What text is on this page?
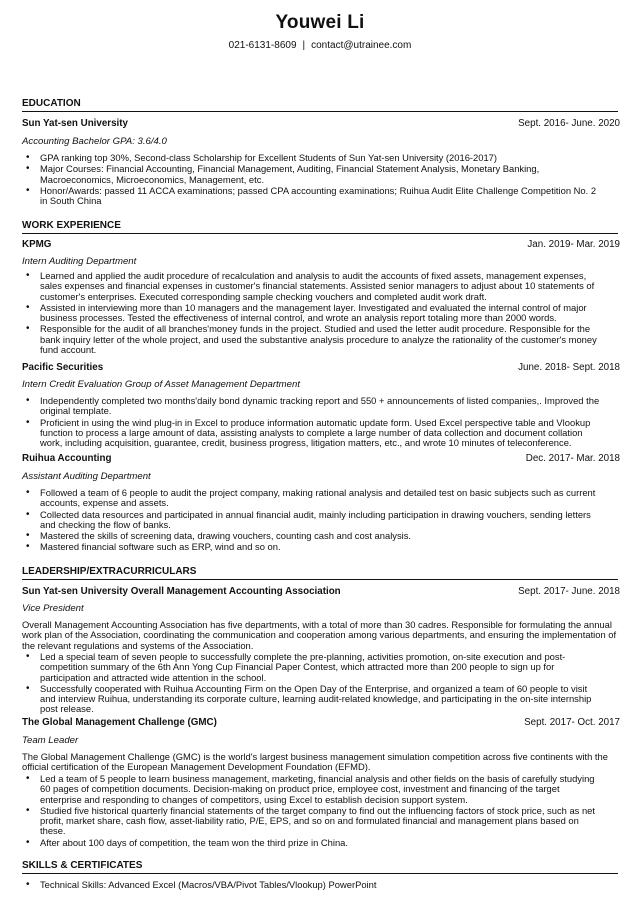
Youwei Li
021-6131-8609 | contact@utrainee.com
EDUCATION
Sun Yat-sen University	Sept. 2016- June. 2020
Accounting Bachelor GPA: 3.6/4.0
• GPA ranking top 30%, Second-class Scholarship for Excellent Students of Sun Yat-sen University (2016-2017)
• Major Courses: Financial Accounting, Financial Management, Auditing, Financial Statement Analysis, Monetary Banking, Macroeconomics, Microeconomics, Management, etc.
• Honor/Awards: passed 11 ACCA examinations; passed CPA accounting examinations; Ruihua Audit Elite Challenge Competition No. 2 in South China
WORK EXPERIENCE
KPMG	Jan. 2019- Mar. 2019
Intern Auditing Department
• Learned and applied the audit procedure of recalculation and analysis to audit the accounts of fixed assets, management expenses, sales expenses and financial expenses in customer's financial statements. Assisted senior managers to adjust about 10 statements of customer's enterprises. Executed corresponding sample checking vouchers and completed audit work draft.
• Assisted in interviewing more than 10 managers and the management layer. Investigated and evaluated the internal control of major business processes. Tested the effectiveness of internal control, and wrote an analysis report totaling more than 2000 words.
• Responsible for the audit of all branches'money funds in the project. Studied and used the letter audit procedure. Responsible for the bank inquiry letter of the whole project, and used the substantive analysis procedure to analyze the rationality of the customer's money fund account.
Pacific Securities	June. 2018- Sept. 2018
Intern Credit Evaluation Group of Asset Management Department
• Independently completed two months'daily bond dynamic tracking report and 550 + announcements of listed companies,. Improved the original template.
• Proficient in using the wind plug-in in Excel to produce information automatic update form. Used Excel perspective table and Vlookup function to process a large amount of data, assisting analysts to complete a large number of data collection and document collation work, including acquisition, guarantee, credit, business progress, litigation matters, etc., and wrote 10 minutes of teleconference.
Ruihua Accounting	Dec. 2017- Mar. 2018
Assistant Auditing Department
• Followed a team of 6 people to audit the project company, making rational analysis and detailed test on basic subjects such as current accounts, expense and assets.
• Collected data resources and participated in annual financial audit, mainly including participation in drawing vouchers, sending letters and checking the flow of banks.
• Mastered the skills of screening data, drawing vouchers, counting cash and cost analysis.
• Mastered financial software such as ERP, wind and so on.
LEADERSHIP/EXTRACURRICULARS
Sun Yat-sen University Overall Management Accounting Association	Sept. 2017- June. 2018
Vice President
Overall Management Accounting Association has five departments, with a total of more than 30 cadres. Responsible for formulating the annual work plan of the Association, coordinating the communication and cooperation among various departments, and ensuring the implementation of the relevant regulations and systems of the Association.
• Led a special team of seven people to successfully complete the pre-planning, activities promotion, on-site execution and post-competition summary of the 6th Ann Yong Cup Financial Paper Contest, which attracted more than 200 people to sign up for participation and attracted wide attention in the school.
• Successfully cooperated with Ruihua Accounting Firm on the Open Day of the Enterprise, and organized a team of 60 people to visit and interview Ruihua, understanding its corporate culture, learning audit-related knowledge, and participating in the on-site internship post release.
The Global Management Challenge (GMC)	Sept. 2017- Oct. 2017
Team Leader
The Global Management Challenge (GMC) is the world's largest business management simulation competition across five continents with the official certification of the European Management Development Foundation (EFMD).
• Led a team of 5 people to learn business management, marketing, financial analysis and other fields on the basis of carefully studying 60 pages of competition documents. Decision-making on product price, employee cost, investment and financing of the target enterprise and responding to changes of competitors, using Excel to establish decision support system.
• Studied five historical quarterly financial statements of the target company to find out the influencing factors of stock price, such as net profit, market share, cash flow, asset-liability ratio, P/E, EPS, and so on and formulated financial and management plans based on these.
• After about 100 days of competition, the team won the third prize in China.
SKILLS & CERTIFICATES
• Technical Skills: Advanced Excel (Macros/VBA/Pivot Tables/Vlookup) PowerPoint
